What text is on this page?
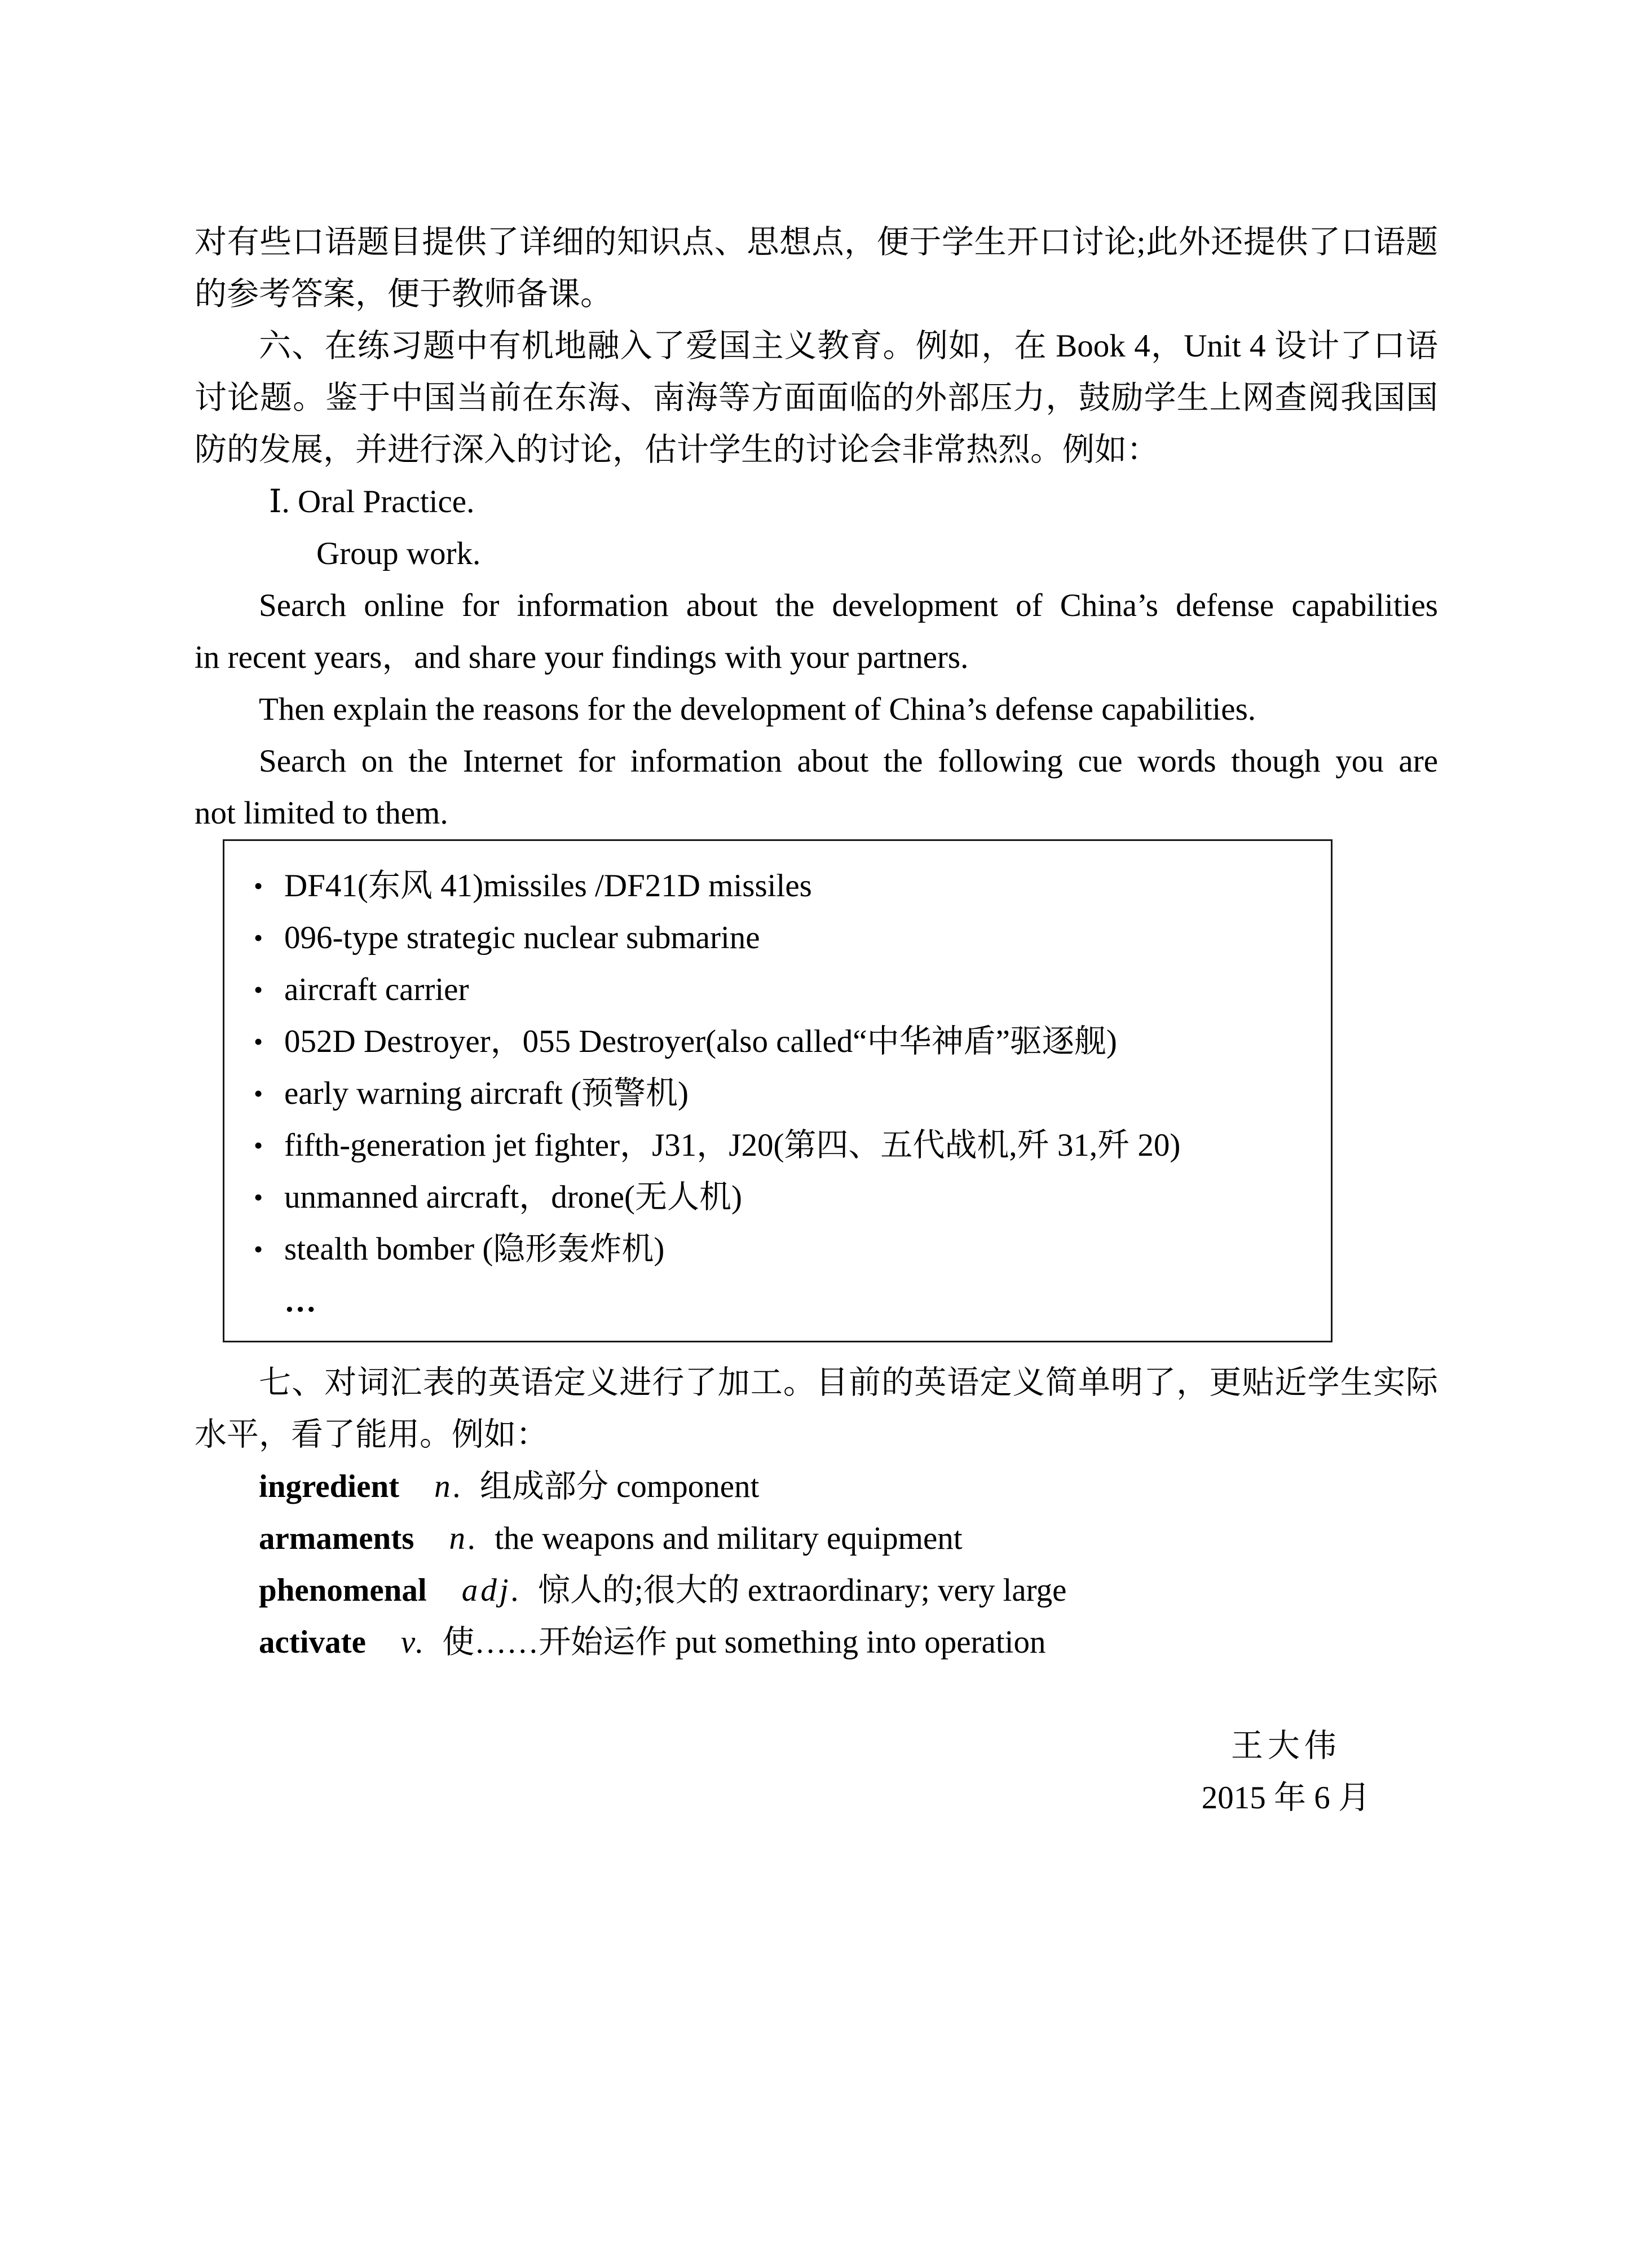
对有些口语题目提供了详细的知识点、思想点，便于学生开口讨论;此外还提供了口语题
的参考答案，便于教师备课。
六、在练习题中有机地融入了爱国主义教育。例如，在 Book 4，Unit 4 设计了口语
讨论题。鉴于中国当前在东海、南海等方面面临的外部压力，鼓励学生上网查阅我国国
防的发展，并进行深入的讨论，估计学生的讨论会非常热烈。例如：
Ⅰ. Oral Practice.
Group work.
Search online for information about the development of China’s defense capabilities
in recent years，and share your findings with your partners.
Then explain the reasons for the development of China’s defense capabilities.
Search on the Internet for information about the following cue words though you are
not limited to them.
• DF41(东风 41)missiles /DF21D missiles
• 096-type strategic nuclear submarine
• aircraft carrier
• 052D Destroyer，055 Destroyer(also called“中华神盾”驱逐舰)
• early warning aircraft (预警机)
• fifth-generation jet fighter，J31，J20(第四、五代战机,歼 31,歼 20)
• unmanned aircraft，drone(无人机)
• stealth bomber (隐形轰炸机)
…
七、对词汇表的英语定义进行了加工。目前的英语定义简单明了，更贴近学生实际
水平，看了能用。例如：
ingredient n. 组成部分 component
armaments n. the weapons and military equipment
phenomenal adj. 惊人的;很大的 extraordinary; very large
activate v. 使……开始运作 put something into operation
王大伟
2015 年 6 月
